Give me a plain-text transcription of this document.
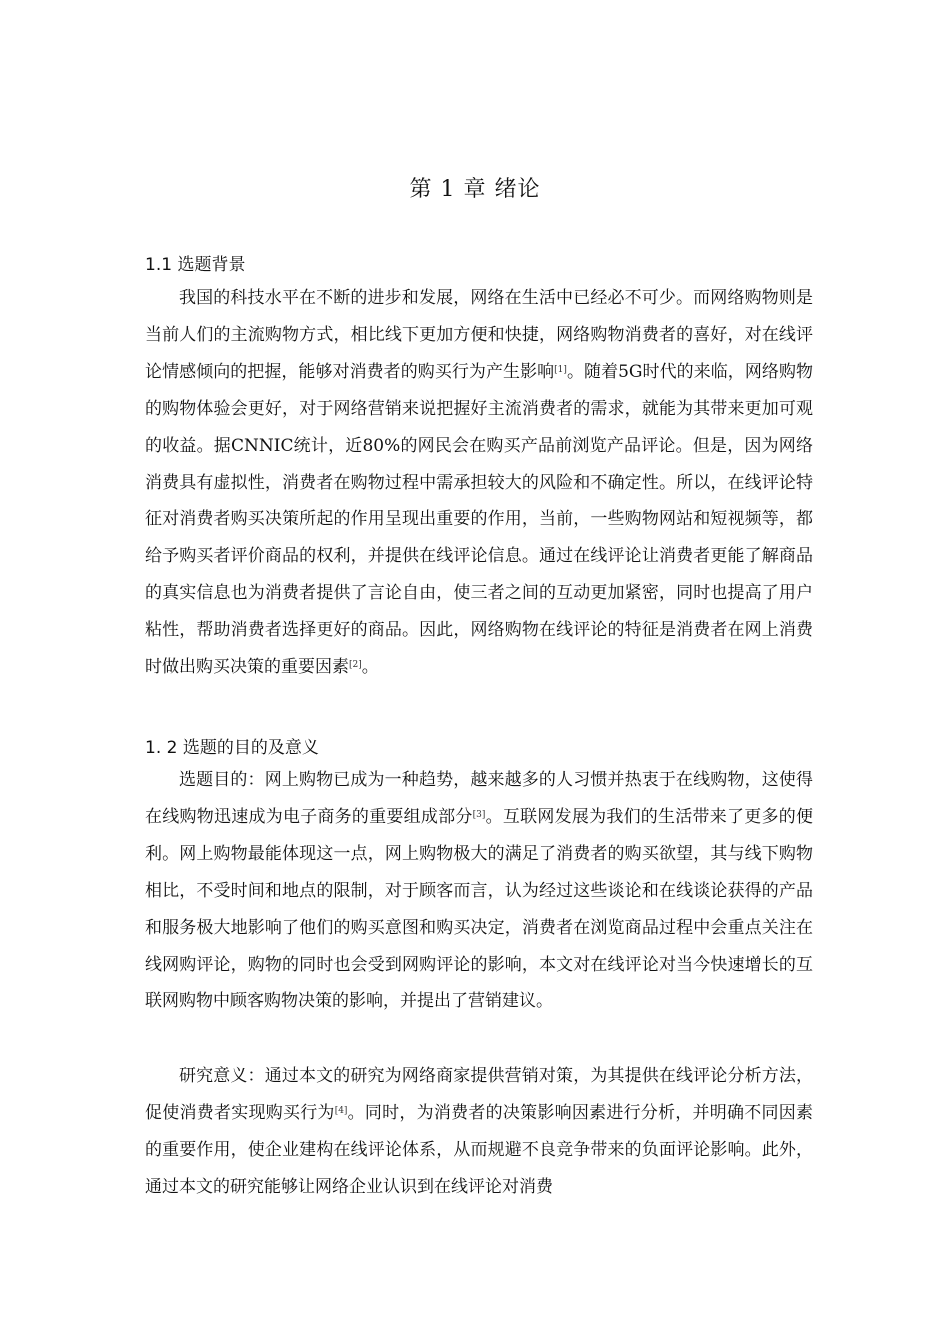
第 1 章 绪论
1.1 选题背景

我国的科技水平在不断的进步和发展，网络在生活中已经必不可少。而网络购物则是当前人们的主流购物方式，相比线下更加方便和快捷，网络购物消费者的喜好，对在线评论情感倾向的把握，能够对消费者的购买行为产生影响[1]。随着5G时代的来临，网络购物的购物体验会更好，对于网络营销来说把握好主流消费者的需求，就能为其带来更加可观的收益。据CNNIC统计，近80%的网民会在购买产品前浏览产品评论。但是，因为网络消费具有虚拟性，消费者在购物过程中需承担较大的风险和不确定性。所以，在线评论特征对消费者购买决策所起的作用呈现出重要的作用，当前，一些购物网站和短视频等，都给予购买者评价商品的权利，并提供在线评论信息。通过在线评论让消费者更能了解商品的真实信息也为消费者提供了言论自由，使三者之间的互动更加紧密，同时也提高了用户粘性，帮助消费者选择更好的商品。因此，网络购物在线评论的特征是消费者在网上消费时做出购买决策的重要因素[2]。

1. 2 选题的目的及意义

选题目的：网上购物已成为一种趋势，越来越多的人习惯并热衷于在线购物，这使得在线购物迅速成为电子商务的重要组成部分[3]。互联网发展为我们的生活带来了更多的便利。网上购物最能体现这一点，网上购物极大的满足了消费者的购买欲望，其与线下购物相比，不受时间和地点的限制，对于顾客而言，认为经过这些谈论和在线谈论获得的产品和服务极大地影响了他们的购买意图和购买决定，消费者在浏览商品过程中会重点关注在线网购评论，购物的同时也会受到网购评论的影响，本文对在线评论对当今快速增长的互联网购物中顾客购物决策的影响，并提出了营销建议。

研究意义：通过本文的研究为网络商家提供营销对策，为其提供在线评论分析方法，促使消费者实现购买行为[4]。同时，为消费者的决策影响因素进行分析，并明确不同因素的重要作用，使企业建构在线评论体系，从而规避不良竞争带来的负面评论影响。此外，通过本文的研究能够让网络企业认识到在线评论对消费
